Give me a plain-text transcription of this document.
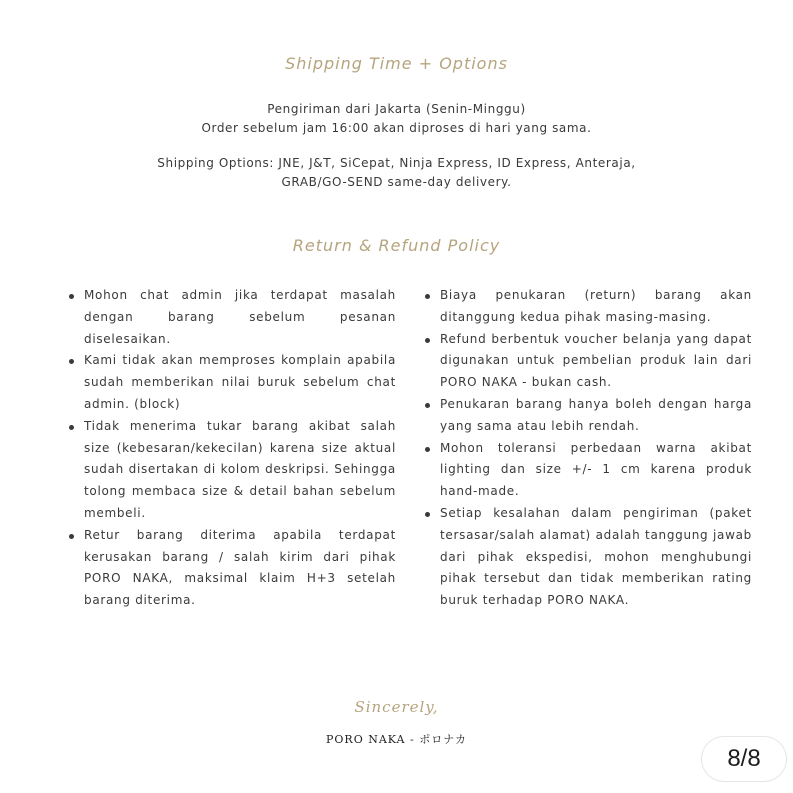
Shipping Time + Options
Pengiriman dari Jakarta (Senin-Minggu)
Order sebelum jam 16:00 akan diproses di hari yang sama.
Shipping Options: JNE, J&T, SiCepat, Ninja Express, ID Express, Anteraja,
GRAB/GO-SEND same-day delivery.
Return & Refund Policy
Mohon chat admin jika terdapat masalah dengan barang sebelum pesanan diselesaikan.
Kami tidak akan memproses komplain apabila sudah memberikan nilai buruk sebelum chat admin. (block)
Tidak menerima tukar barang akibat salah size (kebesaran/kekecilan) karena size aktual sudah disertakan di kolom deskripsi. Sehingga tolong membaca size & detail bahan sebelum membeli.
Retur barang diterima apabila terdapat kerusakan barang / salah kirim dari pihak PORO NAKA, maksimal klaim H+3 setelah barang diterima.
Biaya penukaran (return) barang akan ditanggung kedua pihak masing-masing.
Refund berbentuk voucher belanja yang dapat digunakan untuk pembelian produk lain dari PORO NAKA - bukan cash.
Penukaran barang hanya boleh dengan harga yang sama atau lebih rendah.
Mohon toleransi perbedaan warna akibat lighting dan size +/- 1 cm karena produk hand-made.
Setiap kesalahan dalam pengiriman (paket tersasar/salah alamat) adalah tanggung jawab dari pihak ekspedisi, mohon menghubungi pihak tersebut dan tidak memberikan rating buruk terhadap PORO NAKA.
Sincerely,
PORO NAKA - ポロナカ
8/8
